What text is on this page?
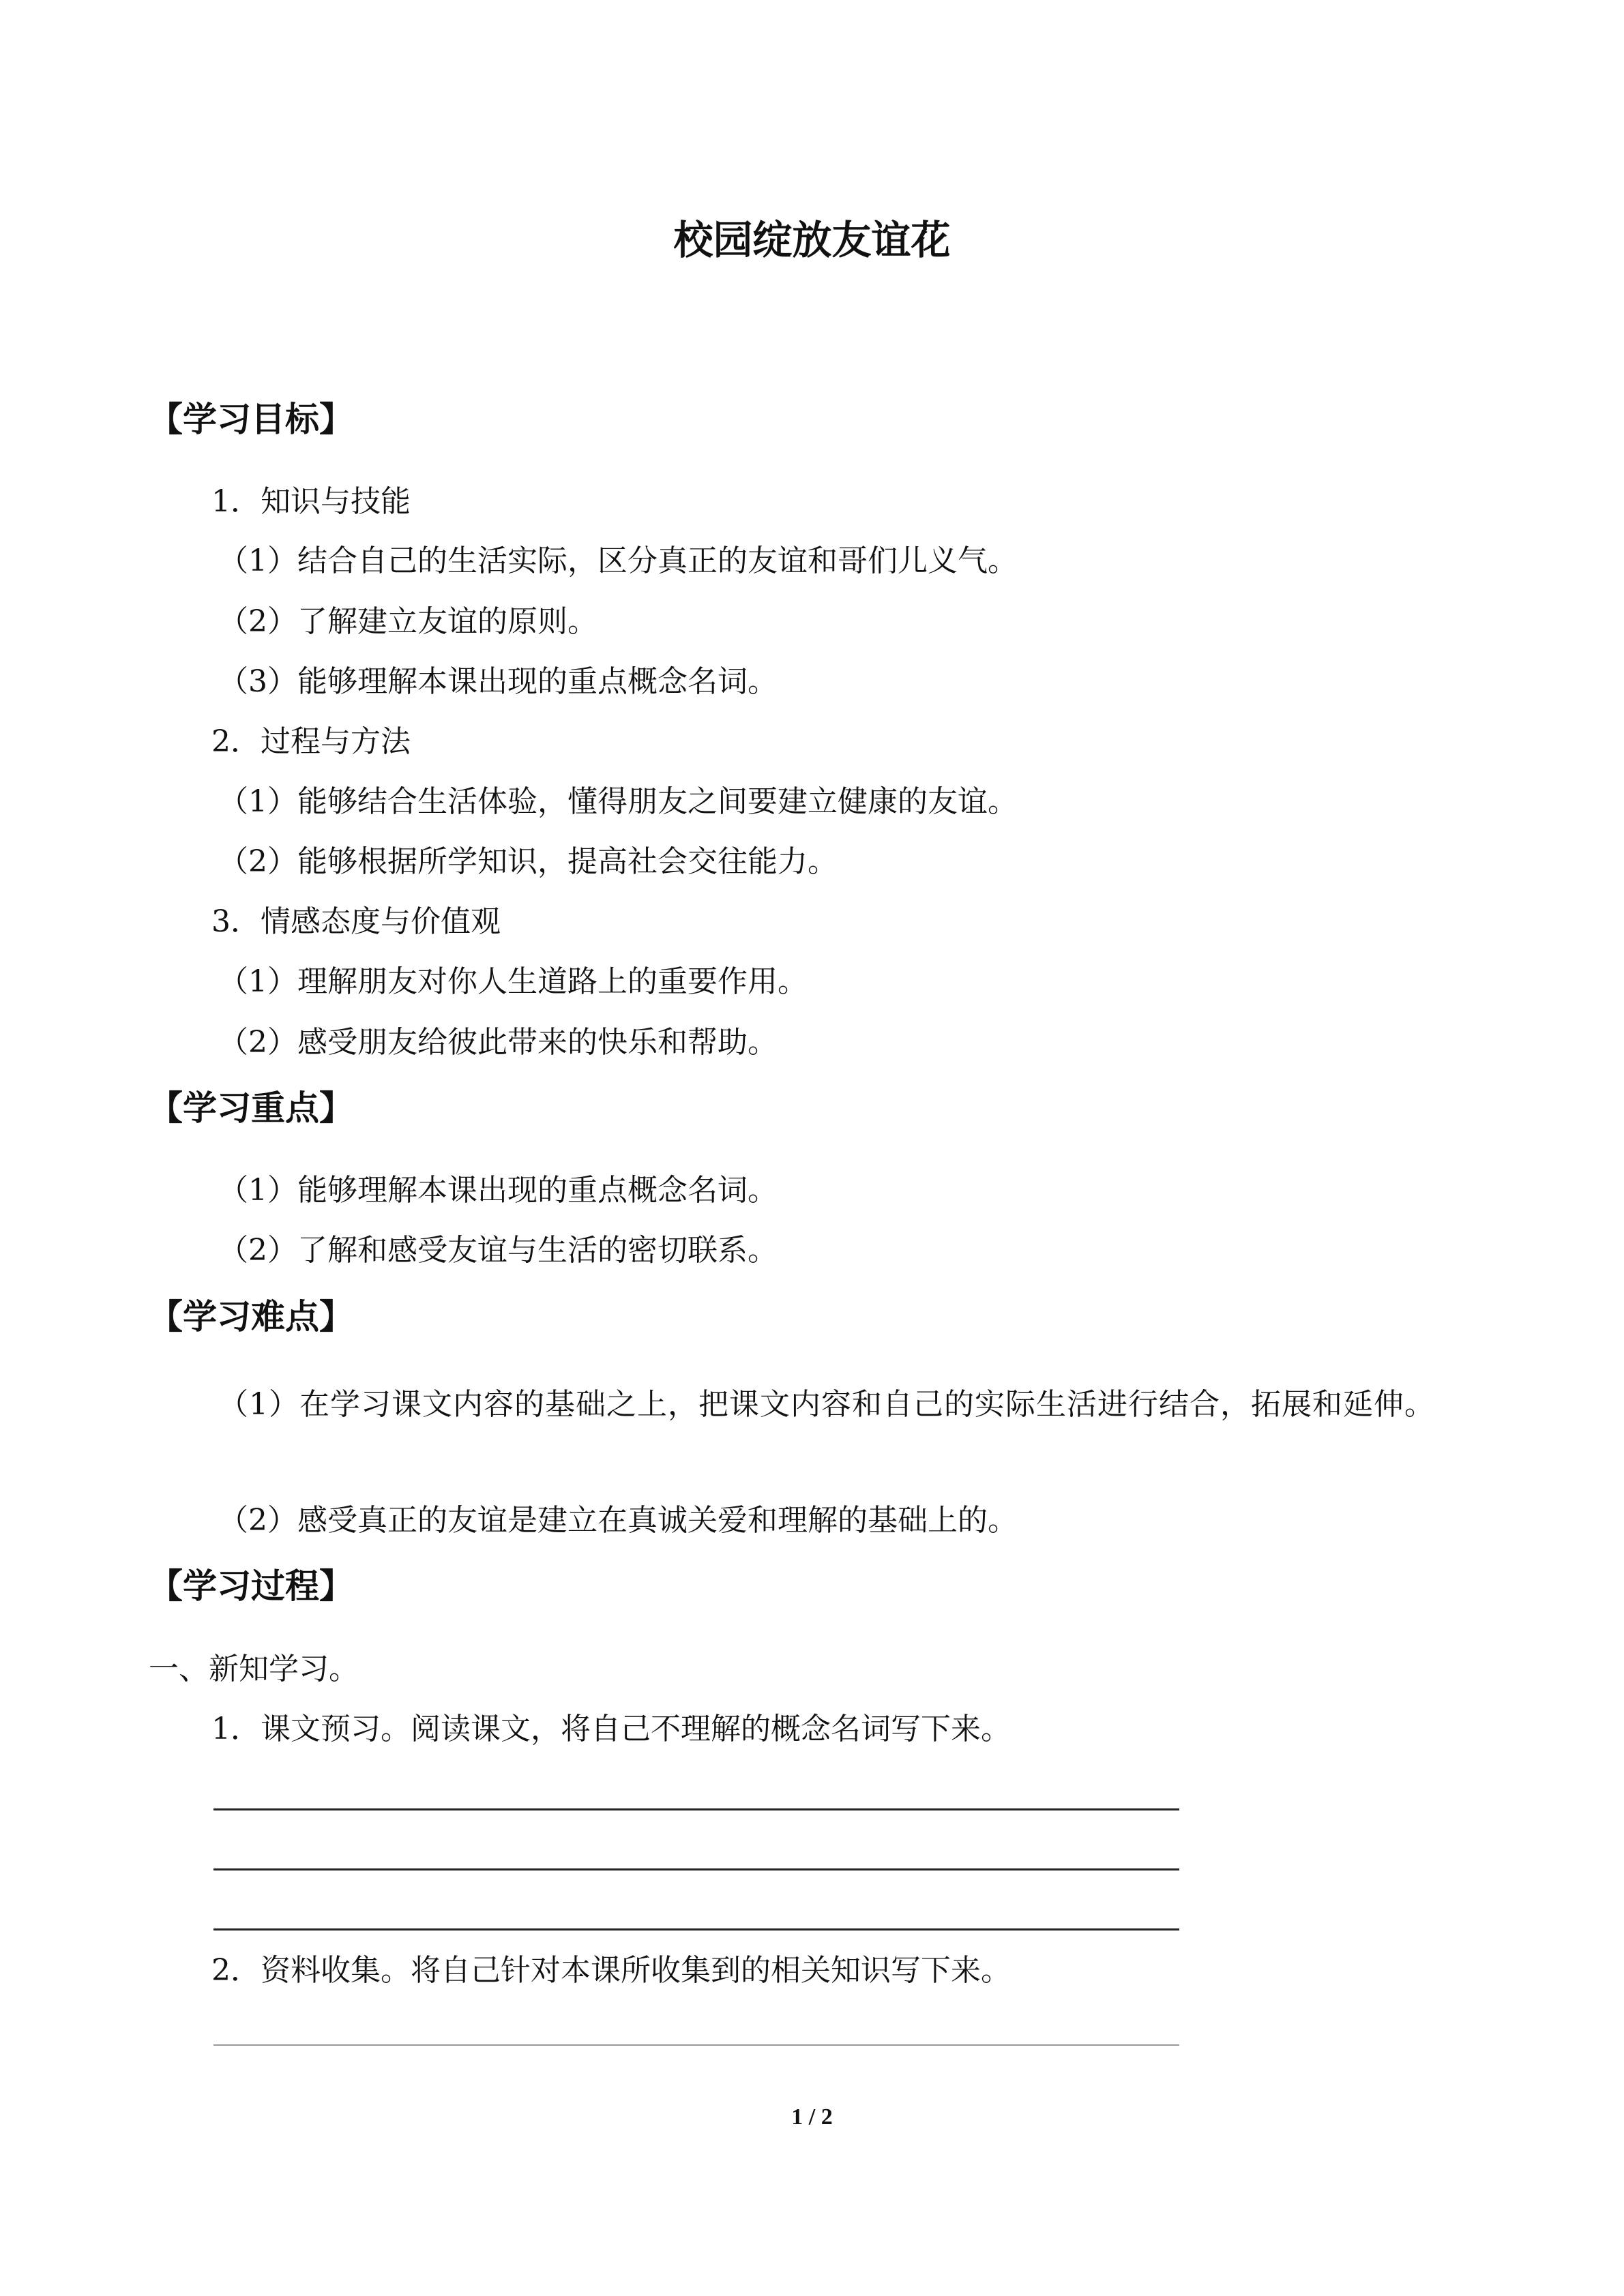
校园绽放友谊花
【学习目标】
1．知识与技能
（1）结合自己的生活实际，区分真正的友谊和哥们儿义气。
（2）了解建立友谊的原则。
（3）能够理解本课出现的重点概念名词。
2．过程与方法
（1）能够结合生活体验，懂得朋友之间要建立健康的友谊。
（2）能够根据所学知识，提高社会交往能力。
3．情感态度与价值观
（1）理解朋友对你人生道路上的重要作用。
（2）感受朋友给彼此带来的快乐和帮助。
【学习重点】
（1）能够理解本课出现的重点概念名词。
（2）了解和感受友谊与生活的密切联系。
【学习难点】
（1）在学习课文内容的基础之上，把课文内容和自己的实际生活进行结合，拓展和延伸。
（2）感受真正的友谊是建立在真诚关爱和理解的基础上的。
【学习过程】
一、新知学习。
1．课文预习。阅读课文，将自己不理解的概念名词写下来。
2．资料收集。将自己针对本课所收集到的相关知识写下来。
1 / 2
